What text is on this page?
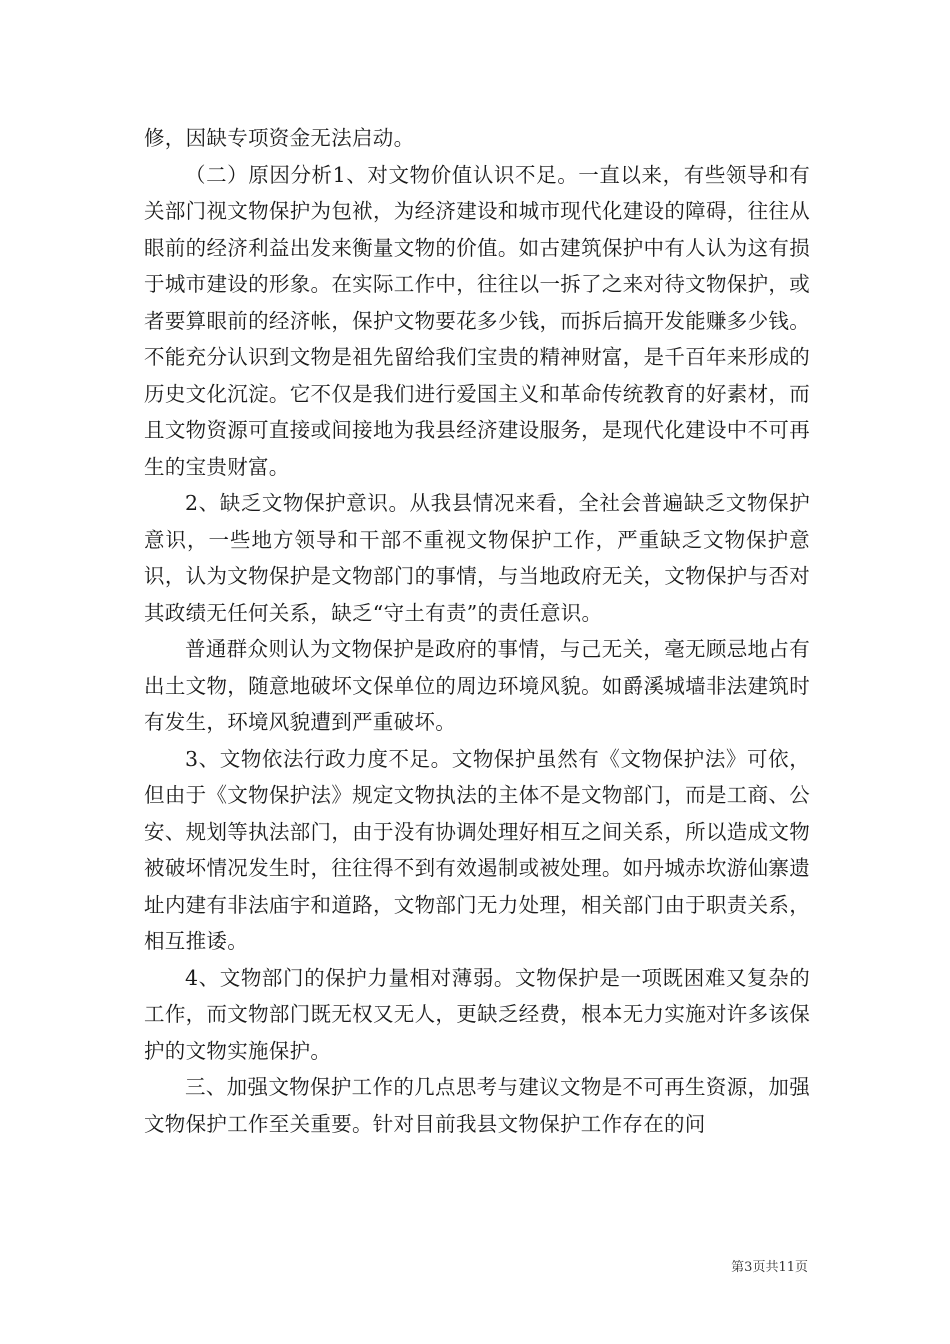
修，因缺专项资金无法启动。

（二）原因分析1、对文物价值认识不足。一直以来，有些领导和有关部门视文物保护为包袱，为经济建设和城市现代化建设的障碍，往往从眼前的经济利益出发来衡量文物的价值。如古建筑保护中有人认为这有损于城市建设的形象。在实际工作中，往往以一拆了之来对待文物保护，或者要算眼前的经济帐，保护文物要花多少钱，而拆后搞开发能赚多少钱。不能充分认识到文物是祖先留给我们宝贵的精神财富，是千百年来形成的历史文化沉淀。它不仅是我们进行爱国主义和革命传统教育的好素材，而且文物资源可直接或间接地为我县经济建设服务，是现代化建设中不可再生的宝贵财富。

2、缺乏文物保护意识。从我县情况来看，全社会普遍缺乏文物保护意识，一些地方领导和干部不重视文物保护工作，严重缺乏文物保护意识，认为文物保护是文物部门的事情，与当地政府无关，文物保护与否对其政绩无任何关系，缺乏“守土有责”的责任意识。

普通群众则认为文物保护是政府的事情，与己无关，毫无顾忌地占有出土文物，随意地破坏文保单位的周边环境风貌。如爵溪城墙非法建筑时有发生，环境风貌遭到严重破坏。

3、文物依法行政力度不足。文物保护虽然有《文物保护法》可依，但由于《文物保护法》规定文物执法的主体不是文物部门，而是工商、公安、规划等执法部门，由于没有协调处理好相互之间关系，所以造成文物被破坏情况发生时，往往得不到有效遏制或被处理。如丹城赤坎游仙寨遗址内建有非法庙宇和道路，文物部门无力处理，相关部门由于职责关系，相互推诿。

4、文物部门的保护力量相对薄弱。文物保护是一项既困难又复杂的工作，而文物部门既无权又无人，更缺乏经费，根本无力实施对许多该保护的文物实施保护。

三、加强文物保护工作的几点思考与建议文物是不可再生资源，加强文物保护工作至关重要。针对目前我县文物保护工作存在的问

第3页共11页
